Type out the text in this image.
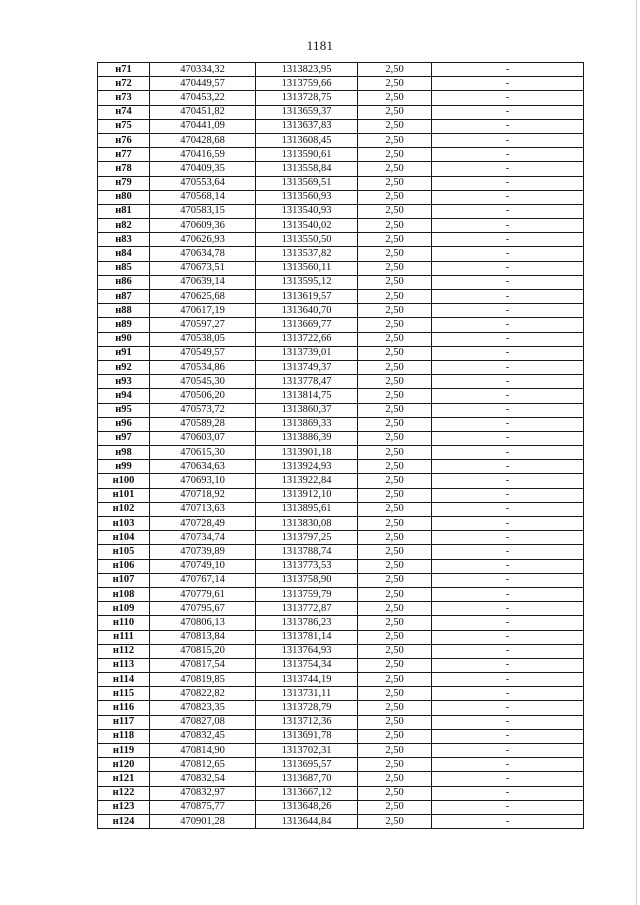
1181
н71	470334,32	1313823,95	2,50	-
н72	470449,57	1313759,66	2,50	-
н73	470453,22	1313728,75	2,50	-
н74	470451,82	1313659,37	2,50	-
н75	470441,09	1313637,83	2,50	-
н76	470428,68	1313608,45	2,50	-
н77	470416,59	1313590,61	2,50	-
н78	470409,35	1313558,84	2,50	-
н79	470553,64	1313569,51	2,50	-
н80	470568,14	1313560,93	2,50	-
н81	470583,15	1313540,93	2,50	-
н82	470609,36	1313540,02	2,50	-
н83	470626,93	1313550,50	2,50	-
н84	470634,78	1313537,82	2,50	-
н85	470673,51	1313560,11	2,50	-
н86	470639,14	1313595,12	2,50	-
н87	470625,68	1313619,57	2,50	-
н88	470617,19	1313640,70	2,50	-
н89	470597,27	1313669,77	2,50	-
н90	470538,05	1313722,66	2,50	-
н91	470549,57	1313739,01	2,50	-
н92	470534,86	1313749,37	2,50	-
н93	470545,30	1313778,47	2,50	-
н94	470506,20	1313814,75	2,50	-
н95	470573,72	1313860,37	2,50	-
н96	470589,28	1313869,33	2,50	-
н97	470603,07	1313886,39	2,50	-
н98	470615,30	1313901,18	2,50	-
н99	470634,63	1313924,93	2,50	-
н100	470693,10	1313922,84	2,50	-
н101	470718,92	1313912,10	2,50	-
н102	470713,63	1313895,61	2,50	-
н103	470728,49	1313830,08	2,50	-
н104	470734,74	1313797,25	2,50	-
н105	470739,89	1313788,74	2,50	-
н106	470749,10	1313773,53	2,50	-
н107	470767,14	1313758,90	2,50	-
н108	470779,61	1313759,79	2,50	-
н109	470795,67	1313772,87	2,50	-
н110	470806,13	1313786,23	2,50	-
н111	470813,84	1313781,14	2,50	-
н112	470815,20	1313764,93	2,50	-
н113	470817,54	1313754,34	2,50	-
н114	470819,85	1313744,19	2,50	-
н115	470822,82	1313731,11	2,50	-
н116	470823,35	1313728,79	2,50	-
н117	470827,08	1313712,36	2,50	-
н118	470832,45	1313691,78	2,50	-
н119	470814,90	1313702,31	2,50	-
н120	470812,65	1313695,57	2,50	-
н121	470832,54	1313687,70	2,50	-
н122	470832,97	1313667,12	2,50	-
н123	470875,77	1313648,26	2,50	-
н124	470901,28	1313644,84	2,50	-
